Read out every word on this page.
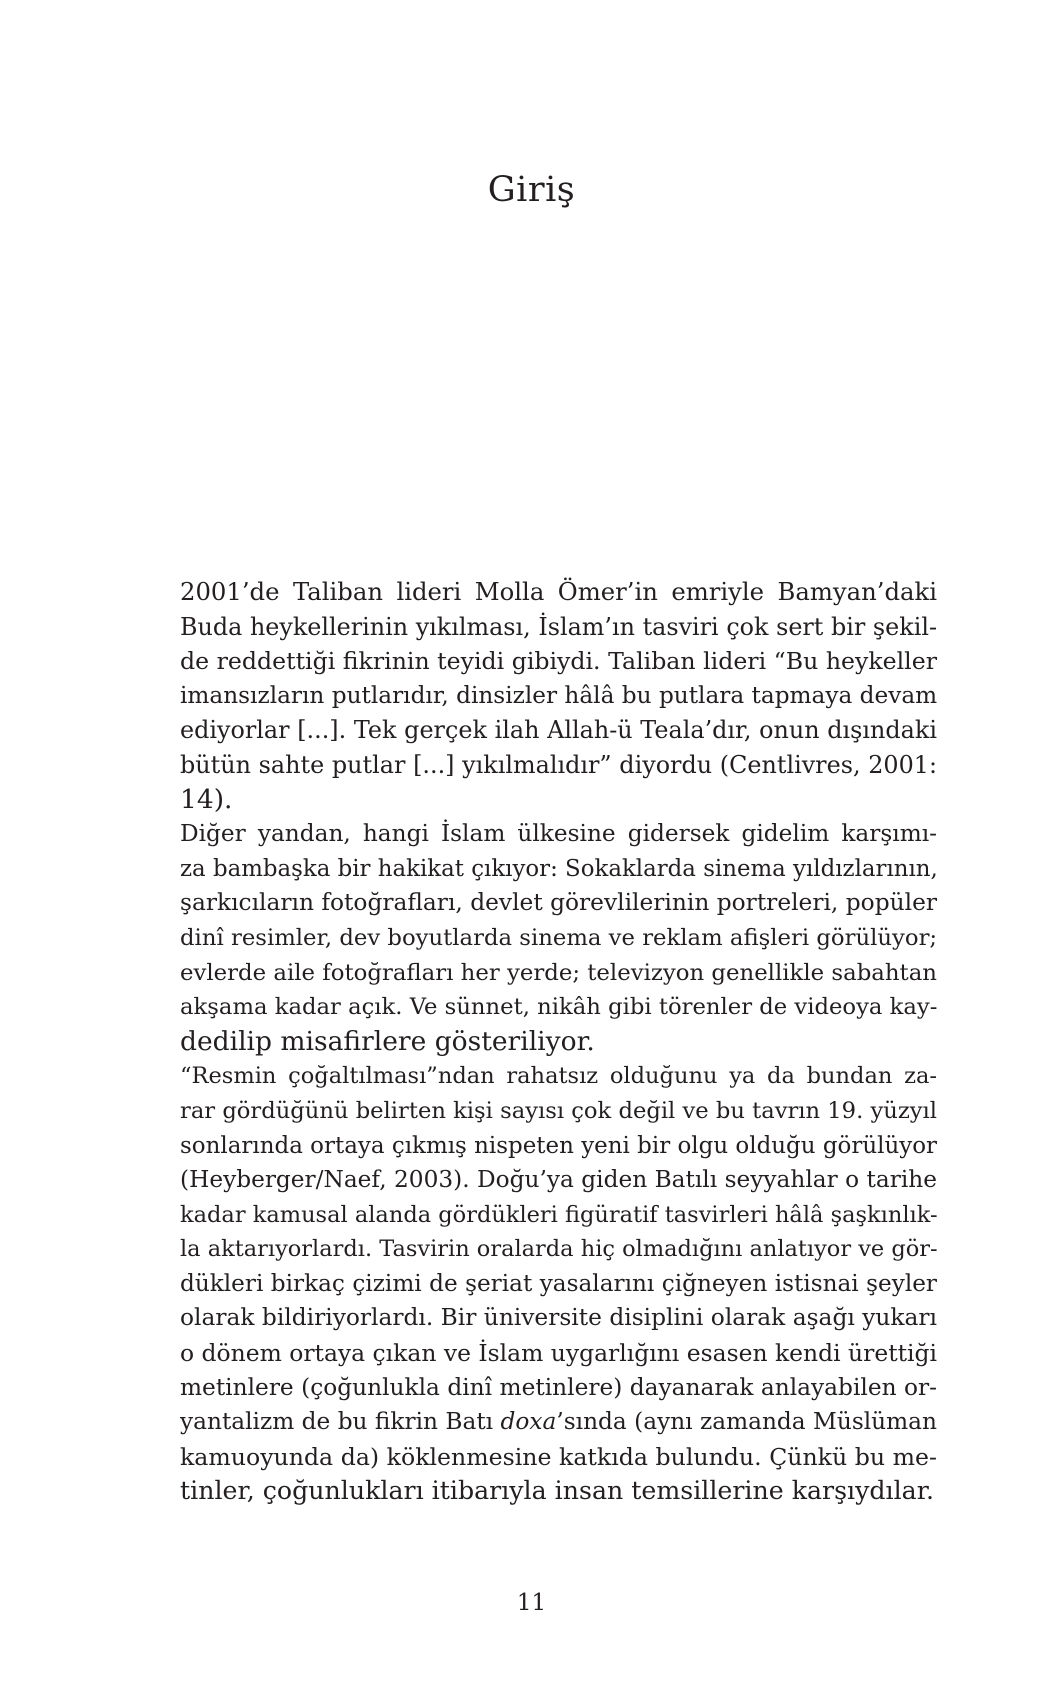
Giriş

2001’de Taliban lideri Molla Ömer’in emriyle Bamyan’daki
Buda heykellerinin yıkılması, İslam’ın tasviri çok sert bir şekil-
de reddettiği fikrinin teyidi gibiydi. Taliban lideri “Bu heykeller
imansızların putlarıdır, dinsizler hâlâ bu putlara tapmaya devam
ediyorlar [...]. Tek gerçek ilah Allah-ü Teala’dır, onun dışındaki
bütün sahte putlar [...] yıkılmalıdır” diyordu (Centlivres, 2001:
14).

Diğer yandan, hangi İslam ülkesine gidersek gidelim karşımı-
za bambaşka bir hakikat çıkıyor: Sokaklarda sinema yıldızlarının,
şarkıcıların fotoğrafları, devlet görevlilerinin portreleri, popüler
dinî resimler, dev boyutlarda sinema ve reklam afişleri görülüyor;
evlerde aile fotoğrafları her yerde; televizyon genellikle sabahtan
akşama kadar açık. Ve sünnet, nikâh gibi törenler de videoya kay-
dedilip misafirlere gösteriliyor.

“Resmin çoğaltılması”ndan rahatsız olduğunu ya da bundan za-
rar gördüğünü belirten kişi sayısı çok değil ve bu tavrın 19. yüzyıl
sonlarında ortaya çıkmış nispeten yeni bir olgu olduğu görülüyor
(Heyberger/Naef, 2003). Doğu’ya giden Batılı seyyahlar o tarihe
kadar kamusal alanda gördükleri figüratif tasvirleri hâlâ şaşkınlık-
la aktarıyorlardı. Tasvirin oralarda hiç olmadığını anlatıyor ve gör-
dükleri birkaç çizimi de şeriat yasalarını çiğneyen istisnai şeyler
olarak bildiriyorlardı. Bir üniversite disiplini olarak aşağı yukarı
o dönem ortaya çıkan ve İslam uygarlığını esasen kendi ürettiği
metinlere (çoğunlukla dinî metinlere) dayanarak anlayabilen or-
yantalizm de bu fikrin Batı doxa’sında (aynı zamanda Müslüman
kamuoyunda da) köklenmesine katkıda bulundu. Çünkü bu me-
tinler, çoğunlukları itibarıyla insan temsillerine karşıydılar.

11
